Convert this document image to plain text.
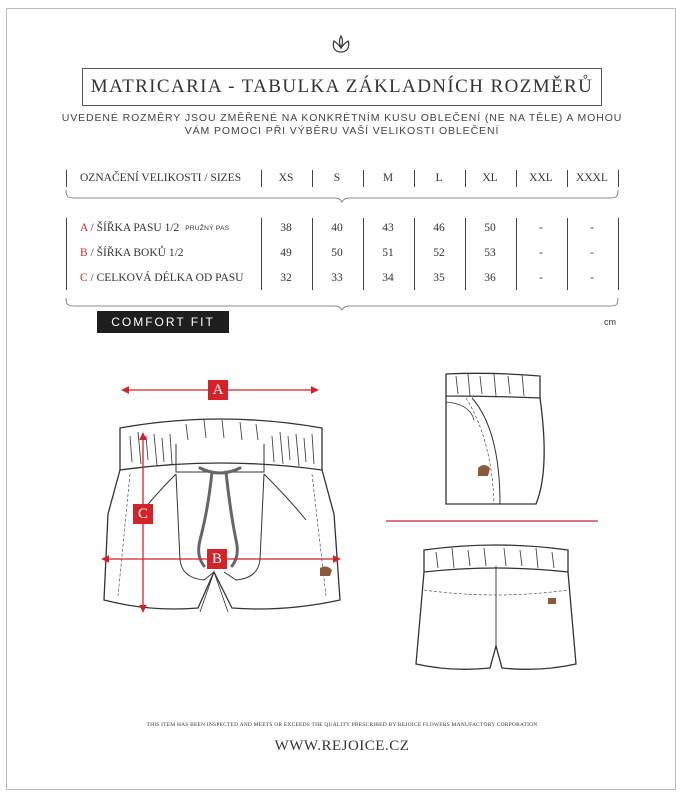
MATRICARIA - TABULKA ZÁKLADNÍCH ROZMĚRŮ
UVEDENÉ ROZMĚRY JSOU ZMĚŘENÉ NA KONKRÉTNÍM KUSU OBLEČENÍ (NE NA TĚLE) A MOHOU
VÁM POMOCI PŘI VÝBĚRU VAŠÍ VELIKOSTI OBLEČENÍ
OZNAČENÍ VELIKOSTI / SIZES	XS	S	M	L	XL	XXL	XXXL
A / ŠÍŘKA PASU 1/2 PRUŽNÝ PAS	38	40	43	46	50	-	-
B / ŠÍŘKA BOKŮ 1/2	49	50	51	52	53	-	-
C / CELKOVÁ DÉLKA OD PASU	32	33	34	35	36	-	-
COMFORT FIT	cm
A
B
C
THIS ITEM HAS BEEN INSPECTED AND MEETS OR EXCEEDS THE QUALITY PRESCRIBED BY REJOICE FLOWERS MANUFACTORY CORPORATION
WWW.REJOICE.CZ
